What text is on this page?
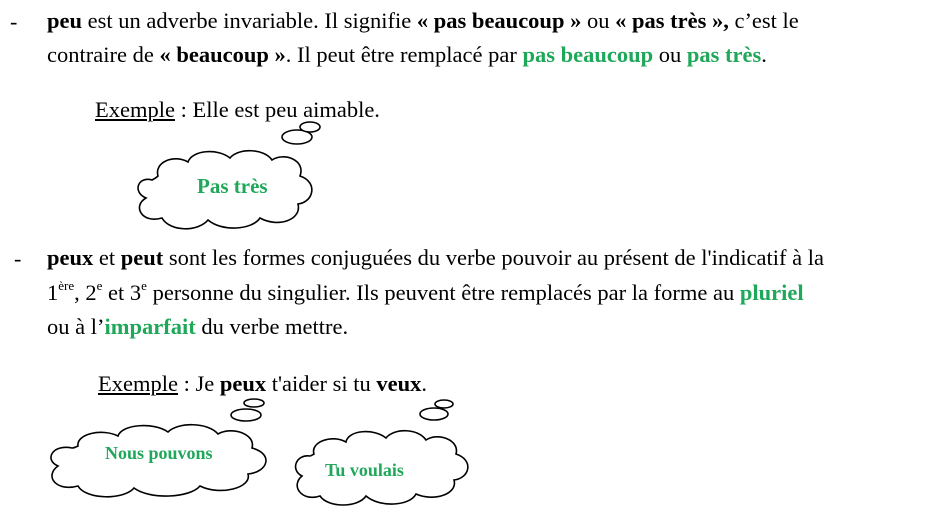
- peu est un adverbe invariable. Il signifie « pas beaucoup » ou « pas très », c’est le
contraire de « beaucoup ». Il peut être remplacé par pas beaucoup ou pas très.
Exemple : Elle est peu aimable.
Pas très
- peux et peut sont les formes conjuguées du verbe pouvoir au présent de l'indicatif à la
1ère, 2e et 3e personne du singulier. Ils peuvent être remplacés par la forme au pluriel
ou à l’imparfait du verbe mettre.
Exemple : Je peux t'aider si tu veux.
Nous pouvons
Tu voulais
